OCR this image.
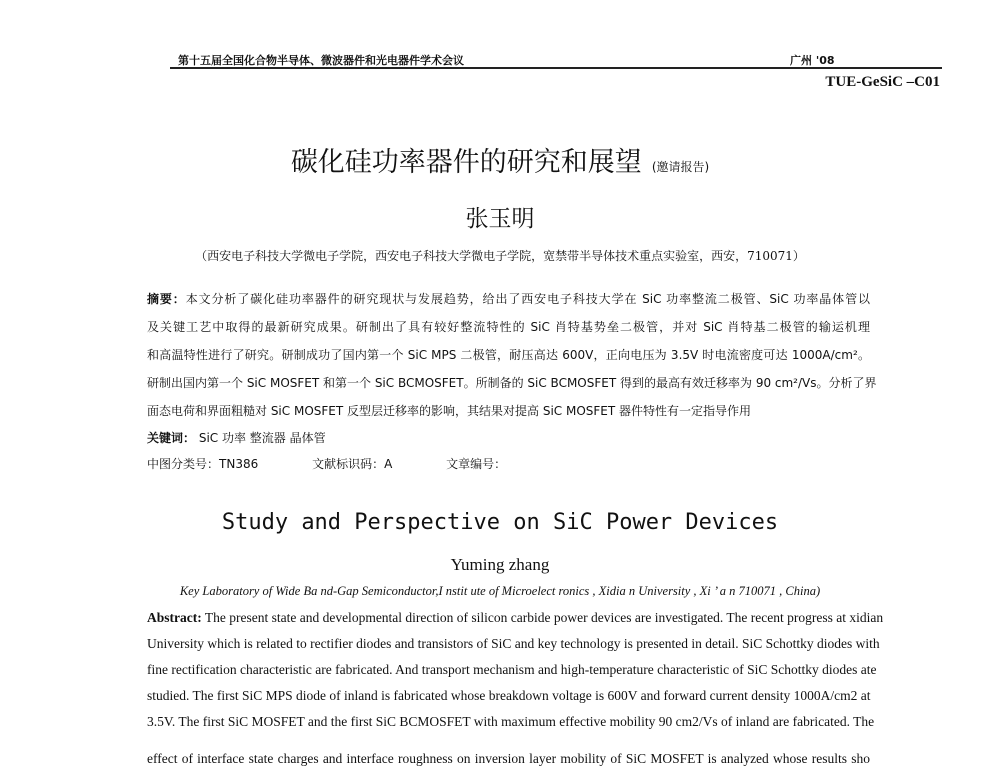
第十五届全国化合物半导体、微波器件和光电器件学术会议	广州 '08
TUE-GeSiC –C01
碳化硅功率器件的研究和展望 (邀请报告)
张玉明
（西安电子科技大学微电子学院，西安电子科技大学微电子学院，宽禁带半导体技术重点实验室，西安，710071）
摘要：本文分析了碳化硅功率器件的研究现状与发展趋势，给出了西安电子科技大学在 SiC 功率整流二极管、SiC 功率晶体管以
及关键工艺中取得的最新研究成果。研制出了具有较好整流特性的 SiC 肖特基势垒二极管，并对 SiC 肖特基二极管的输运机理
和高温特性进行了研究。研制成功了国内第一个 SiC MPS 二极管，耐压高达 600V，正向电压为 3.5V 时电流密度可达 1000A/cm²。
研制出国内第一个 SiC MOSFET 和第一个 SiC BCMOSFET。所制备的 SiC BCMOSFET 得到的最高有效迁移率为 90 cm²/Vs。分析了界
面态电荷和界面粗糙对 SiC MOSFET 反型层迁移率的影响，其结果对提高 SiC MOSFET 器件特性有一定指导作用
关键词： SiC 功率 整流器 晶体管
中图分类号：TN386	文献标识码：A	文章编号：
Study and Perspective on SiC Power Devices
Yuming zhang
Key Laboratory of Wide Ba nd-Gap Semiconductor,I nstit ute of Microelect ronics , Xidia n University , Xi ’ a n 710071 , China)
Abstract: The present state and developmental direction of silicon carbide power devices are investigated. The recent progress at xidian
University which is related to rectifier diodes and transistors of SiC and key technology is presented in detail. SiC Schottky diodes with
fine rectification characteristic are fabricated. And transport mechanism and high-temperature characteristic of SiC Schottky diodes ate
studied. The first SiC MPS diode of inland is fabricated whose breakdown voltage is 600V and forward current density 1000A/cm2 at
3.5V. The first SiC MOSFET and the first SiC BCMOSFET with maximum effective mobility 90 cm2/Vs of inland are fabricated. The
effect of interface state charges and interface roughness on inversion layer mobility of SiC MOSFET is analyzed whose results sho
